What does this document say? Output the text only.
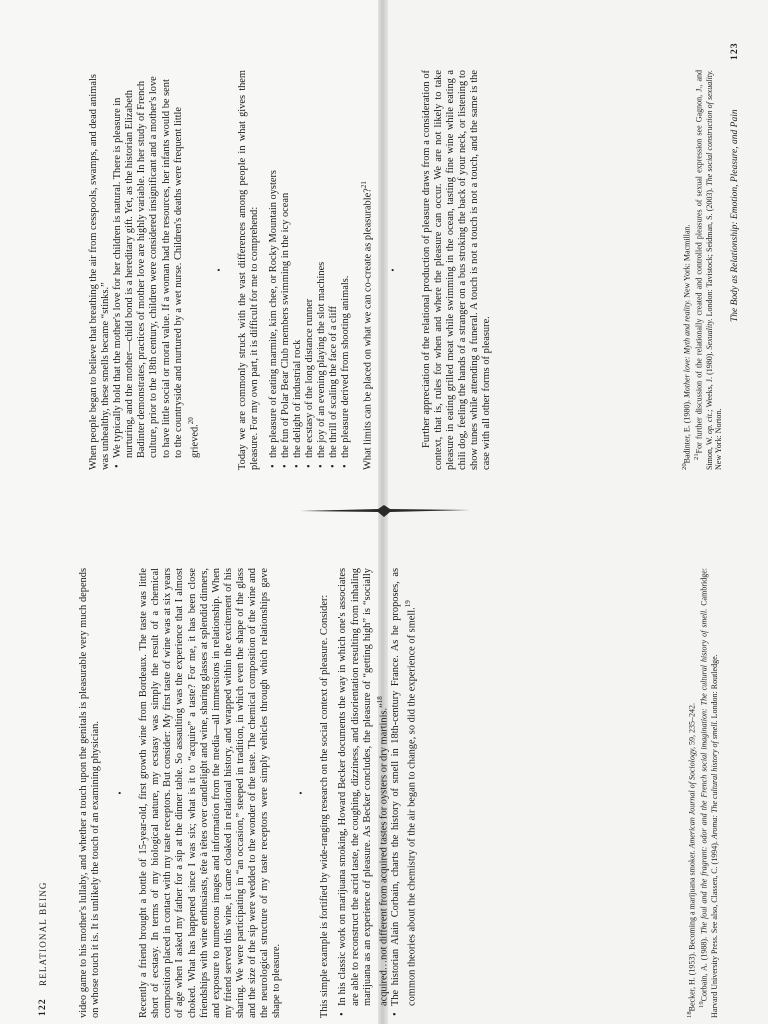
122
RELATIONAL BEING	video game to his mother's lullaby, and whether a touch upon the genitals is pleasurable very much depends on whose touch it is. It is unlikely the touch of an examining physician. • Recently a friend brought a bottle of 15-year-old, first growth wine from Bordeaux. The taste was little short of ecstasy. In terms of my biological nature, my ecstasy was simply the result of a chemical composition placed in contact with my taste receptors. But consider: My first taste of wine was at six years of age when I asked my father for a sip at the dinner table. So assaulting was the experience that I almost choked. What has happened since I was six; what is it to “acquire” a taste? For me, it has been close friendships with wine enthusiasts, tête à têtes over candlelight and wine, sharing glasses at splendid dinners, and exposure to numerous images and information from the media—all immersions in relationship. When my friend served this wine, it came cloaked in relational history, and wrapped within the excitement of his sharing. We were participating in “an occasion,” steeped in tradition, in which even the shape of the glass and the size of the sip were wedded to the wonder of the taste. The chemical composition of the wine and the neurological structure of my taste receptors were simply vehicles through which relationships gave shape to pleasure.

• This simple example is fortified by wide-ranging research on the social context of pleasure. Consider: • In his classic work on marijuana smoking, Howard Becker documents the way in which one's associates are able to reconstruct the acrid taste, the coughing, dizziness, and disorientation resulting from inhaling marijuana as an experience of pleasure. As Becker concludes, the pleasure of “getting high” is “socially acquired…not different from acquired tastes for oysters or dry martinis.”$^{18}$ • The historian Alain Corbain, charts the history of smell in 18th-century France. As he proposes, as common theories about the chemistry of the air began to change, so did the experience of smell.$^{19}$

$^{18}$Becker, H. (1953). Becoming a marijuana smoker. American Journal of Sociology, 59, 235–242.

$^{19}$Corbain, A. (1988). The foul and the fragrant: odor and the French social imagination: The cultural history of smell. Cambridge: Harvard University Press. See also, Classen, C. (1994). Aroma: The cultural history of smell. London: Routledge.

The Body as Relationship: Emotion, Pleasure, and Pain
123

When people began to believe that breathing the air from cesspools, swamps, and dead animals was unhealthy, these smells became “stinks.” • We typically hold that the mother's love for her children is natural. There is pleasure in nurturing, and the mother—child bond is a hereditary gift. Yet, as the historian Elizabeth Badinter demonstrates, practices of mother love are highly variable. In her study of French culture, prior to the 18th century, children were considered insignificant and a mother's love to have little social or moral value. If a woman had the resources, her infants would be sent to the countryside and nurtured by a wet nurse. Children's deaths were frequent little grieved.$^{20}$
• Today we are commonly struck with the vast differences among people in what gives them pleasure. For my own part, it is difficult for me to comprehend: • the pleasure of eating marmite, kim chee, or Rocky Mountain oysters • the fun of Polar Bear Club members swimming in the icy ocean • the delight of industrial rock • the ecstasy of the long distance runner • the joy of an evening playing the slot machines • the thrill of scaling the face of a cliff • the pleasure derived from shooting animals.	What limits can be placed on what we can co-create as pleasurable?$^{21}$

• Further appreciation of the relational production of pleasure draws from a consideration of context, that is, rules for when and where the pleasure can occur. We are not likely to take pleasure in eating grilled meat while swimming in the ocean, tasting fine wine while eating a chili dog, feeling the hands of a stranger on a bus stroking the back of your neck, or listening to show tunes while attending a funeral. A touch is not a touch is not a touch, and the same is the case with all other forms of pleasure.	$^{20}$Badinter, E. (1980). Mother love: Myth and reality. New York: Macmillan.

$^{21}$For further discussion of the relationally created and controlled pleasures of sexual expression see Gagnon, J., and Simon, W. op. cit.; Weeks, J. (1980). Sexuality. London: Tavistock; Seidman, S. (2003). The social construction of sexuality. New York: Norton.
